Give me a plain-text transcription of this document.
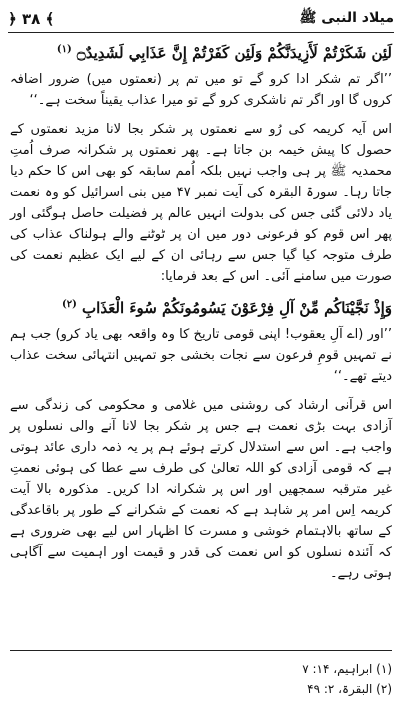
﴿ ۳۸ ﴾	میلاد النبی ﷺ

لَئِن شَكَرْتُمْ لَأَزِيدَنَّكُمْ وَلَئِن كَفَرْتُمْ إِنَّ عَذَابِي لَشَدِيدٌ۝ $^{(۱)}$

’’اگر تم شکر ادا کرو گے تو میں تم پر (نعمتوں میں) ضرور اضافہ کروں گا اور اگر تم ناشکری کرو گے تو میرا عذاب یقیناً سخت ہے۔‘‘

اس آیہ کریمہ کی رُو سے نعمتوں پر شکر بجا لانا مزید نعمتوں کے حصول کا پیش خیمہ بن جاتا ہے۔ پھر نعمتوں پر شکرانہ صرف اُمتِ محمدیہ ﷺ پر ہی واجب نہیں بلکہ اُمم سابقہ کو بھی اس کا حکم دیا جاتا رہا۔ سورۃ البقرہ کی آیت نمبر ۴۷ میں بنی اسرائیل کو وہ نعمت یاد دلائی گئی جس کی بدولت انہیں عالم پر فضیلت حاصل ہوگئی اور پھر اس قوم کو فرعونی دور میں ان پر ٹوٹنے والے ہولناک عذاب کی طرف متوجہ کیا گیا جس سے رہائی ان کے لیے ایک عظیم نعمت کی صورت میں سامنے آئی۔ اس کے بعد فرمایا:

وَإِذْ نَجَّيْنَاكُم مِّنْ آلِ فِرْعَوْنَ يَسُومُونَكُمْ سُوءَ الْعَذَابِ $^{(۲)}$

’’اور (اے آلِ یعقوب! اپنی قومی تاریخ کا وہ واقعہ بھی یاد کرو) جب ہم نے تمہیں قومِ فرعون سے نجات بخشی جو تمہیں انتہائی سخت عذاب دیتے تھے۔‘‘

اس قرآنی ارشاد کی روشنی میں غلامی و محکومی کی زندگی سے آزادی بہت بڑی نعمت ہے جس پر شکر بجا لانا آنے والی نسلوں پر واجب ہے۔ اس سے استدلال کرتے ہوئے ہم پر یہ ذمہ داری عائد ہوتی ہے کہ قومی آزادی کو اللہ تعالیٰ کی طرف سے عطا کی ہوئی نعمتِ غیر مترقبہ سمجھیں اور اس پر شکرانہ ادا کریں۔ مذکورہ بالا آیت کریمہ اِس امر پر شاہد ہے کہ نعمت کے شکرانے کے طور پر باقاعدگی کے ساتھ بالاہتمام خوشی و مسرت کا اظہار اس لیے بھی ضروری ہے کہ آئندہ نسلوں کو اس نعمت کی قدر و قیمت اور اہمیت سے آگاہی ہوتی رہے۔

(۱) ابراہیم، ۱۴: ۷

(۲) البقرۃ، ۲: ۴۹
